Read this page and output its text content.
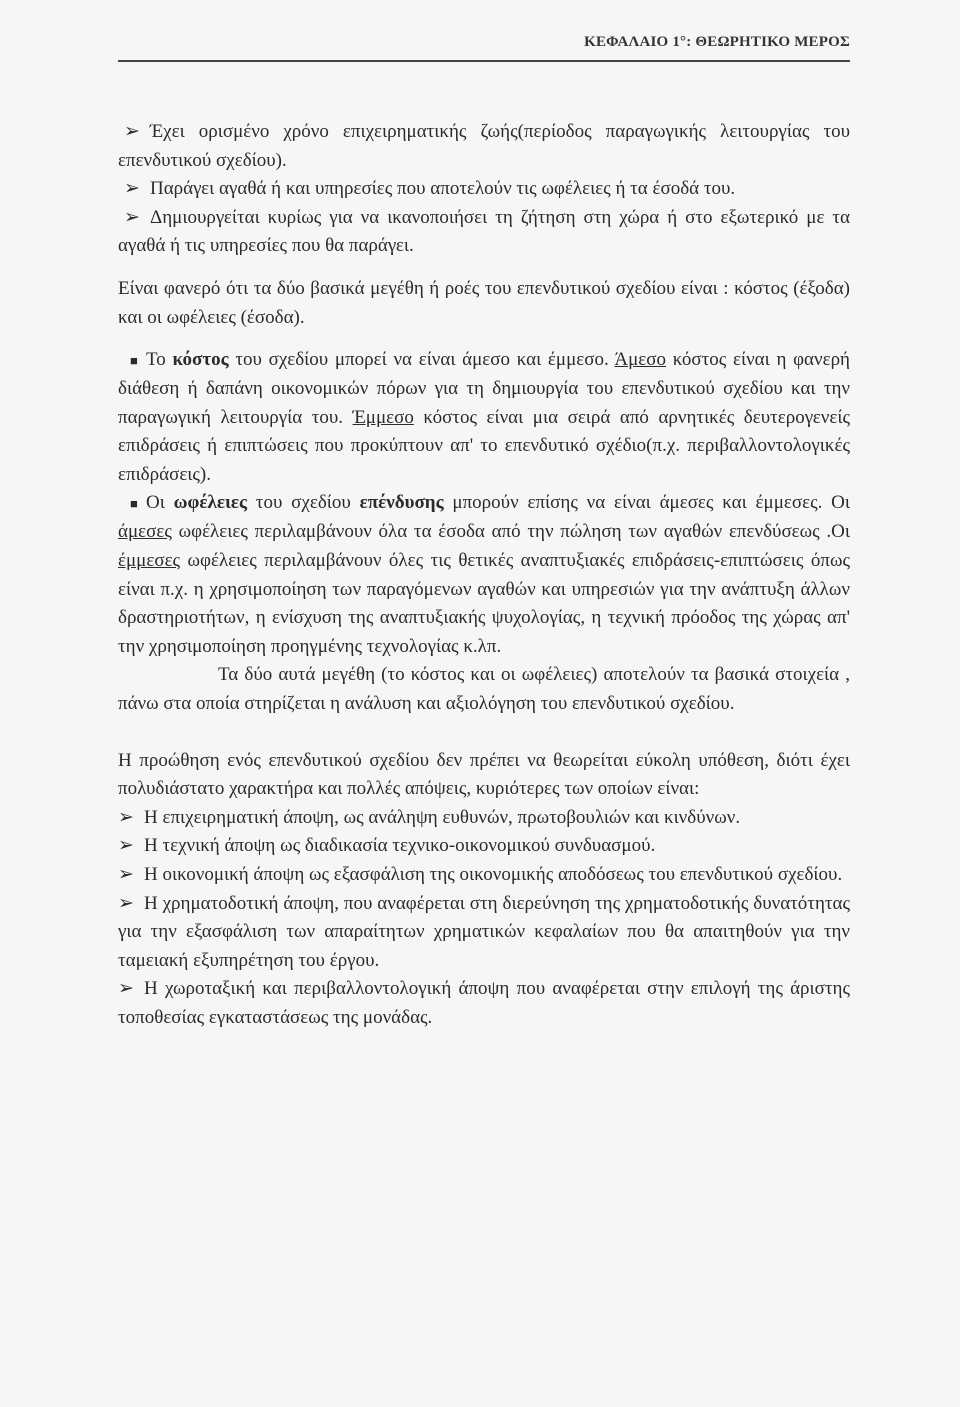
ΚΕΦΑΛΑΙΟ 1°: ΘΕΩΡΗΤΙΚΟ ΜΕΡΟΣ

➢ Έχει ορισμένο χρόνο επιχειρηματικής ζωής(περίοδος παραγωγικής λειτουργίας του επενδυτικού σχεδίου).

➢ Παράγει αγαθά ή και υπηρεσίες που αποτελούν τις ωφέλειες ή τα έσοδά του.

➢ Δημιουργείται κυρίως για να ικανοποιήσει τη ζήτηση στη χώρα ή στο εξωτερικό με τα αγαθά ή τις υπηρεσίες που θα παράγει.

Είναι φανερό ότι τα δύο βασικά μεγέθη ή ροές του επενδυτικού σχεδίου είναι : κόστος (έξοδα) και οι ωφέλειες (έσοδα).

■ Το κόστος του σχεδίου μπορεί να είναι άμεσο και έμμεσο. Άμεσο κόστος είναι η φανερή διάθεση ή δαπάνη οικονομικών πόρων για τη δημιουργία του επενδυτικού σχεδίου και την παραγωγική λειτουργία του. Έμμεσο κόστος είναι μια σειρά από αρνητικές δευτερογενείς επιδράσεις ή επιπτώσεις που προκύπτουν απ' το επενδυτικό σχέδιο(π.χ. περιβαλλοντολογικές επιδράσεις).

■ Οι ωφέλειες του σχεδίου επένδυσης μπορούν επίσης να είναι άμεσες και έμμεσες. Οι άμεσες ωφέλειες περιλαμβάνουν όλα τα έσοδα από την πώληση των αγαθών επενδύσεως .Οι έμμεσες ωφέλειες περιλαμβάνουν όλες τις θετικές αναπτυξιακές επιδράσεις-επιπτώσεις όπως είναι π.χ. η χρησιμοποίηση των παραγόμενων αγαθών και υπηρεσιών για την ανάπτυξη άλλων δραστηριοτήτων, η ενίσχυση της αναπτυξιακής ψυχολογίας, η τεχνική πρόοδος της χώρας απ' την χρησιμοποίηση προηγμένης τεχνολογίας κ.λπ.

Τα δύο αυτά μεγέθη (το κόστος και οι ωφέλειες) αποτελούν τα βασικά στοιχεία , πάνω στα οποία στηρίζεται η ανάλυση και αξιολόγηση του επενδυτικού σχεδίου.

Η προώθηση ενός επενδυτικού σχεδίου δεν πρέπει να θεωρείται εύκολη υπόθεση, διότι έχει πολυδιάστατο χαρακτήρα και πολλές απόψεις, κυριότερες των οποίων είναι:

➢ Η επιχειρηματική άποψη, ως ανάληψη ευθυνών, πρωτοβουλιών και κινδύνων.

➢ Η τεχνική άποψη ως διαδικασία τεχνικο-οικονομικού συνδυασμού.

➢ Η οικονομική άποψη ως εξασφάλιση της οικονομικής αποδόσεως του επενδυτικού σχεδίου.

➢ Η χρηματοδοτική άποψη, που αναφέρεται στη διερεύνηση της χρηματοδοτικής δυνατότητας για την εξασφάλιση των απαραίτητων χρηματικών κεφαλαίων που θα απαιτηθούν για την ταμειακή εξυπηρέτηση του έργου.

➢ Η χωροταξική και περιβαλλοντολογική άποψη που αναφέρεται στην επιλογή της άριστης τοποθεσίας εγκαταστάσεως της μονάδας.
